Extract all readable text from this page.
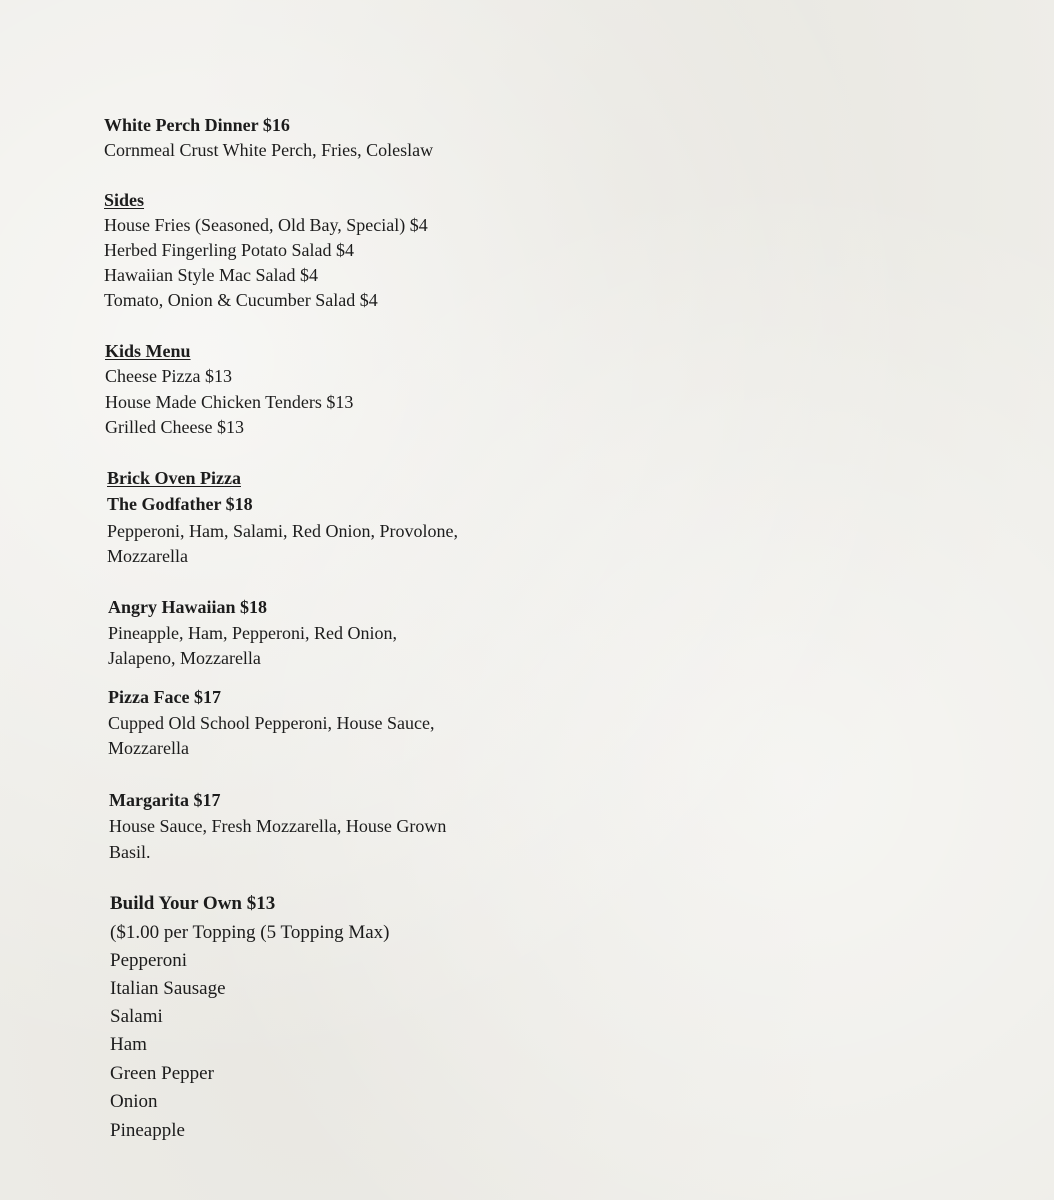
White Perch Dinner $16
Cornmeal Crust White Perch, Fries, Coleslaw
Sides
House Fries (Seasoned, Old Bay, Special) $4
Herbed Fingerling Potato Salad $4
Hawaiian Style Mac Salad $4
Tomato, Onion & Cucumber Salad $4
Kids Menu
Cheese Pizza $13
House Made Chicken Tenders $13
Grilled Cheese $13
Brick Oven Pizza
The Godfather $18
Pepperoni, Ham, Salami, Red Onion, Provolone,
Mozzarella
Angry Hawaiian $18
Pineapple, Ham, Pepperoni, Red Onion,
Jalapeno, Mozzarella
Pizza Face $17
Cupped Old School Pepperoni, House Sauce,
Mozzarella
Margarita $17
House Sauce, Fresh Mozzarella, House Grown
Basil.
Build Your Own $13
($1.00 per Topping (5 Topping Max)
Pepperoni
Italian Sausage
Salami
Ham
Green Pepper
Onion
Pineapple
